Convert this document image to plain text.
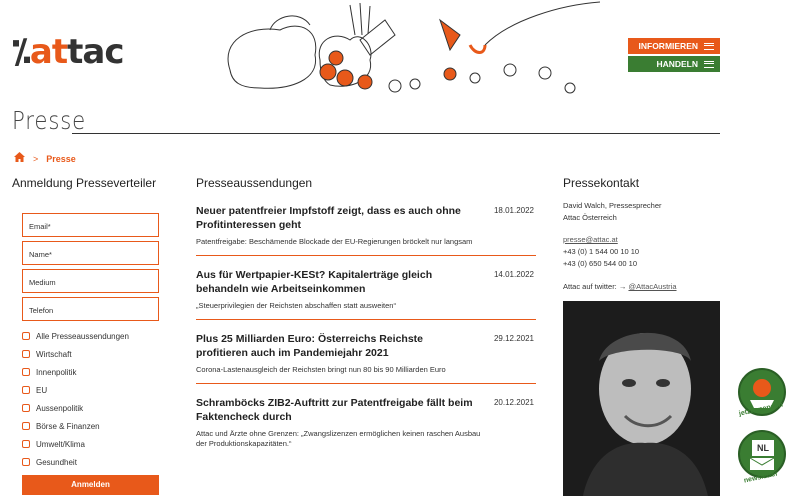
⁒attac	INFORMIEREN
HANDELN
Presse
> Presse
Anmeldung Presseverteiler
Email*
Name*
Medium
Telefon
Alle Presseaussendungen
Wirtschaft
Innenpolitik
EU
Aussenpolitik
Börse & Finanzen
Umwelt/Klima
Gesundheit
Anmelden
Presseaussendungen
Neuer patentfreier Impfstoff zeigt, dass es auch ohne Profitinteressen geht
18.01.2022
Patentfreigabe: Beschämende Blockade der EU-Regierungen bröckelt nur langsam
Aus für Wertpapier-KESt? Kapitalerträge gleich behandeln wie Arbeitseinkommen
14.01.2022
„Steuerprivilegien der Reichsten abschaffen statt ausweiten“
Plus 25 Milliarden Euro: Österreichs Reichste profitieren auch im Pandemiejahr 2021
29.12.2021
Corona-Lastenausgleich der Reichsten bringt nun 80 bis 90 Milliarden Euro
Schramböcks ZIB2-Auftritt zur Patentfreigabe fällt beim Faktencheck durch
20.12.2021
Attac und Ärzte ohne Grenzen: „Zwangslizenzen ermöglichen keinen raschen Ausbau der Produktionskapazitäten.“
Pressekontakt
David Walch, Pressesprecher
Attac Österreich
presse@attac.at
+43 (0) 1 544 00 10 10
+43 (0) 650 544 00 10
Attac auf twitter: → @AttacAustria
jetzt spenden
NL
newsletter
